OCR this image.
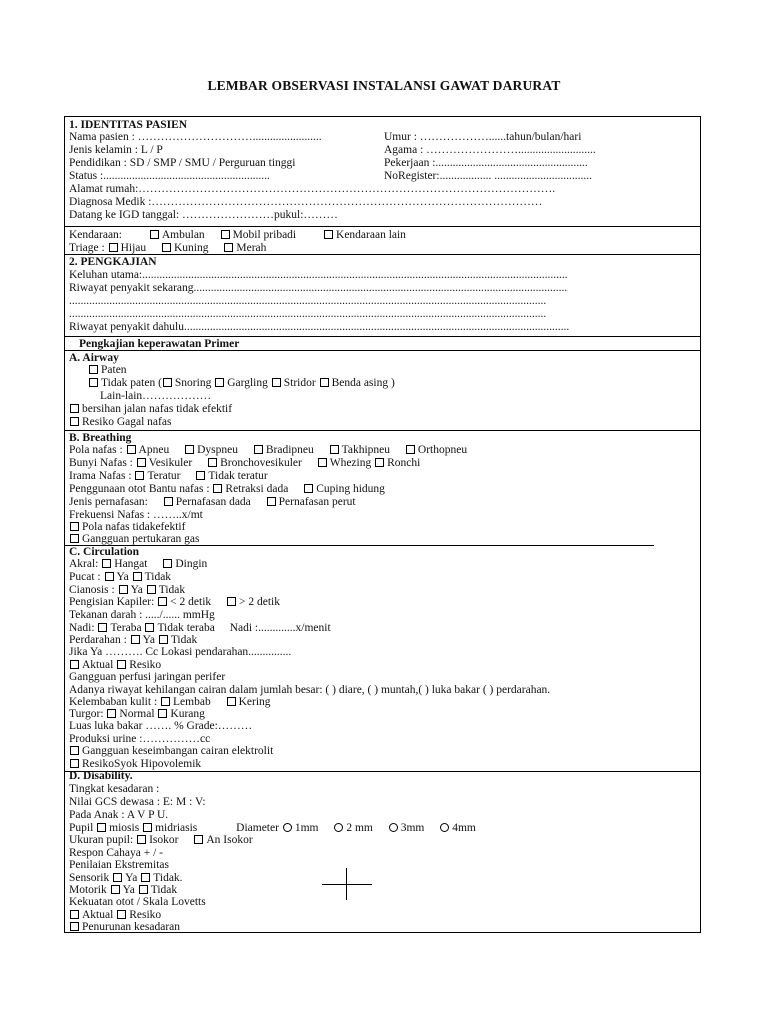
LEMBAR OBSERVASI INSTALANSI GAWAT DARURAT
1. IDENTITAS PASIEN
Nama pasien : …………………………........................	Umur : ………………......tahun/bulan/hari
Jenis kelamin : L / P	Agama : ……………………...........................
Pendidikan : SD / SMP / SMU / Perguruan tinggi	Pekerjaan :.....................................................
Status :..........................................................	NoRegister:.................. ..................................
Alamat rumah:……………………………………………………………………………………………….
Diagnosa Medik :…………………………………………………………………………………………
Datang ke IGD tanggal: ……………………pukul:………
Kendaraan:	Ambulan Mobil pribadi	Kendaraan lain
Triage : Hijau Kuning Merah
2. PENGKAJIAN
Keluhan utama:....................................................................................................................................................
Riwayat penyakit sekarang..................................................................................................................................
......................................................................................................................................................................
......................................................................................................................................................................
Riwayat penyakit dahulu......................................................................................................................................
Pengkajian keperawatan Primer
A. Airway
Paten
Tidak paten ( Snoring Gargling Stridor Benda asing )
Lain-lain………………
bersihan jalan nafas tidak efektif
Resiko Gagal nafas
B. Breathing
Pola nafas : Apneu Dyspneu Bradipneu Takhipneu Orthopneu
Bunyi Nafas : Vesikuler Bronchovesikuler Whezing Ronchi
Irama Nafas : Teratur Tidak teratur
Penggunaan otot Bantu nafas : Retraksi dada Cuping hidung
Jenis pernafasan: Pernafasan dada Pernafasan perut
Frekuensi Nafas : ……..x/mt
Pola nafas tidakefektif
Gangguan pertukaran gas
C. Circulation
Akral: Hangat Dingin
Pucat : Ya Tidak
Cianosis : Ya Tidak
Pengisian Kapiler: < 2 detik > 2 detik
Tekanan darah : ...../...... mmHg
Nadi: Teraba Tidak teraba Nadi :.............x/menit
Perdarahan : Ya Tidak
Jika Ya ………. Cc Lokasi pendarahan...............
Aktual Resiko
Gangguan perfusi jaringan perifer
Adanya riwayat kehilangan cairan dalam jumlah besar: ( ) diare, ( ) muntah,( ) luka bakar ( ) perdarahan.
Kelembaban kulit : Lembab Kering
Turgor: Normal Kurang
Luas luka bakar ……. % Grade:………
Produksi urine :……………cc
Gangguan keseimbangan cairan elektrolit
ResikoSyok Hipovolemik
D. Disability.
Tingkat kesadaran :
Nilai GCS dewasa : E: M : V:
Pada Anak : A V P U.
Pupil miosis midriasis	Diameter 1mm 2 mm 3mm 4mm
Ukuran pupil: Isokor An Isokor
Respon Cahaya + / -
Penilaian Ekstremitas
Sensorik Ya Tidak.
Motorik Ya Tidak
Kekuatan otot / Skala Lovetts
Aktual Resiko
Penurunan kesadaran
